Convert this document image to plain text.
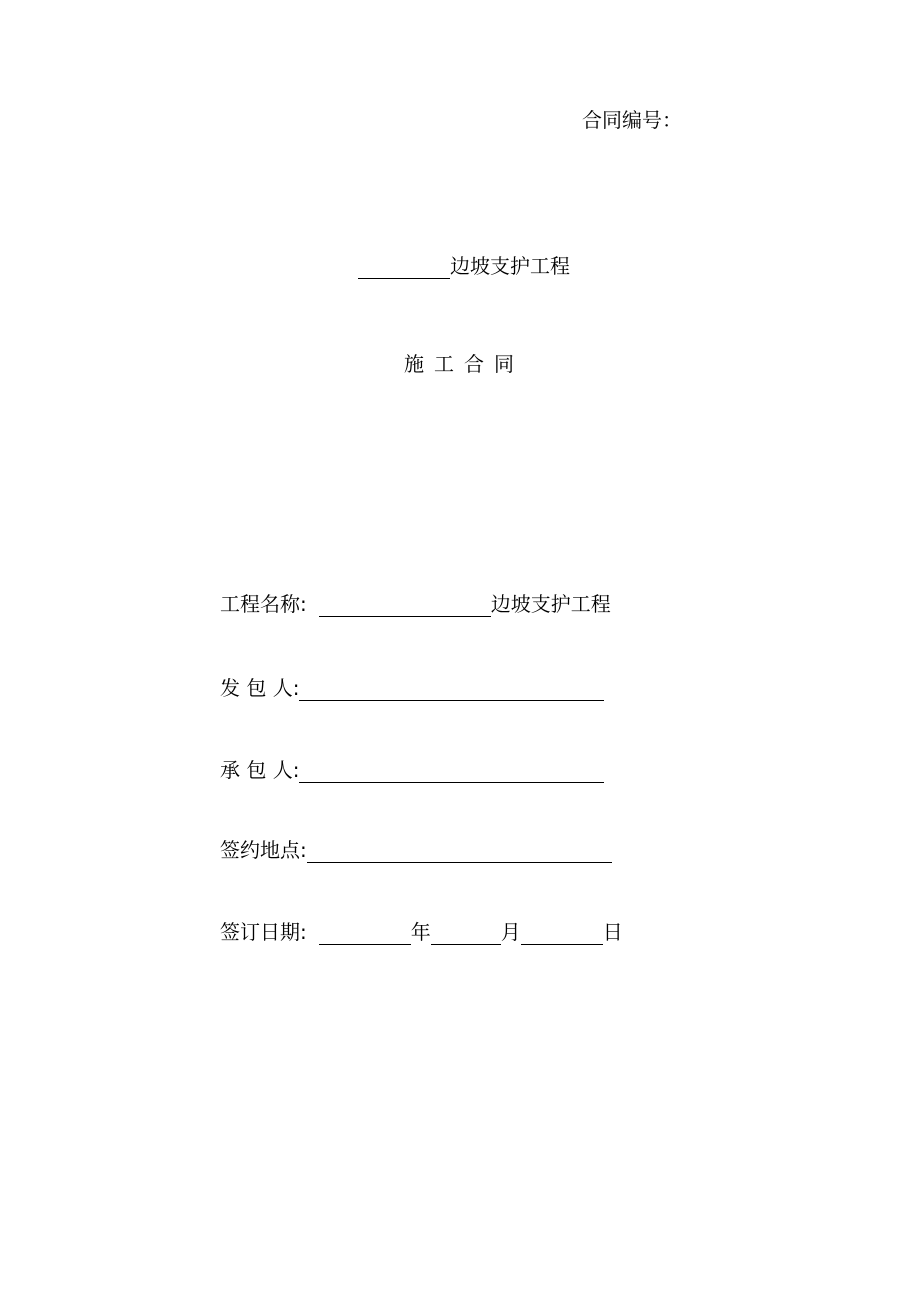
合同编号：
边坡支护工程
施工合同
工程名称:	边坡支护工程
发 包 人:
承 包 人:
签约地点:
签订日期:	年	月	日
